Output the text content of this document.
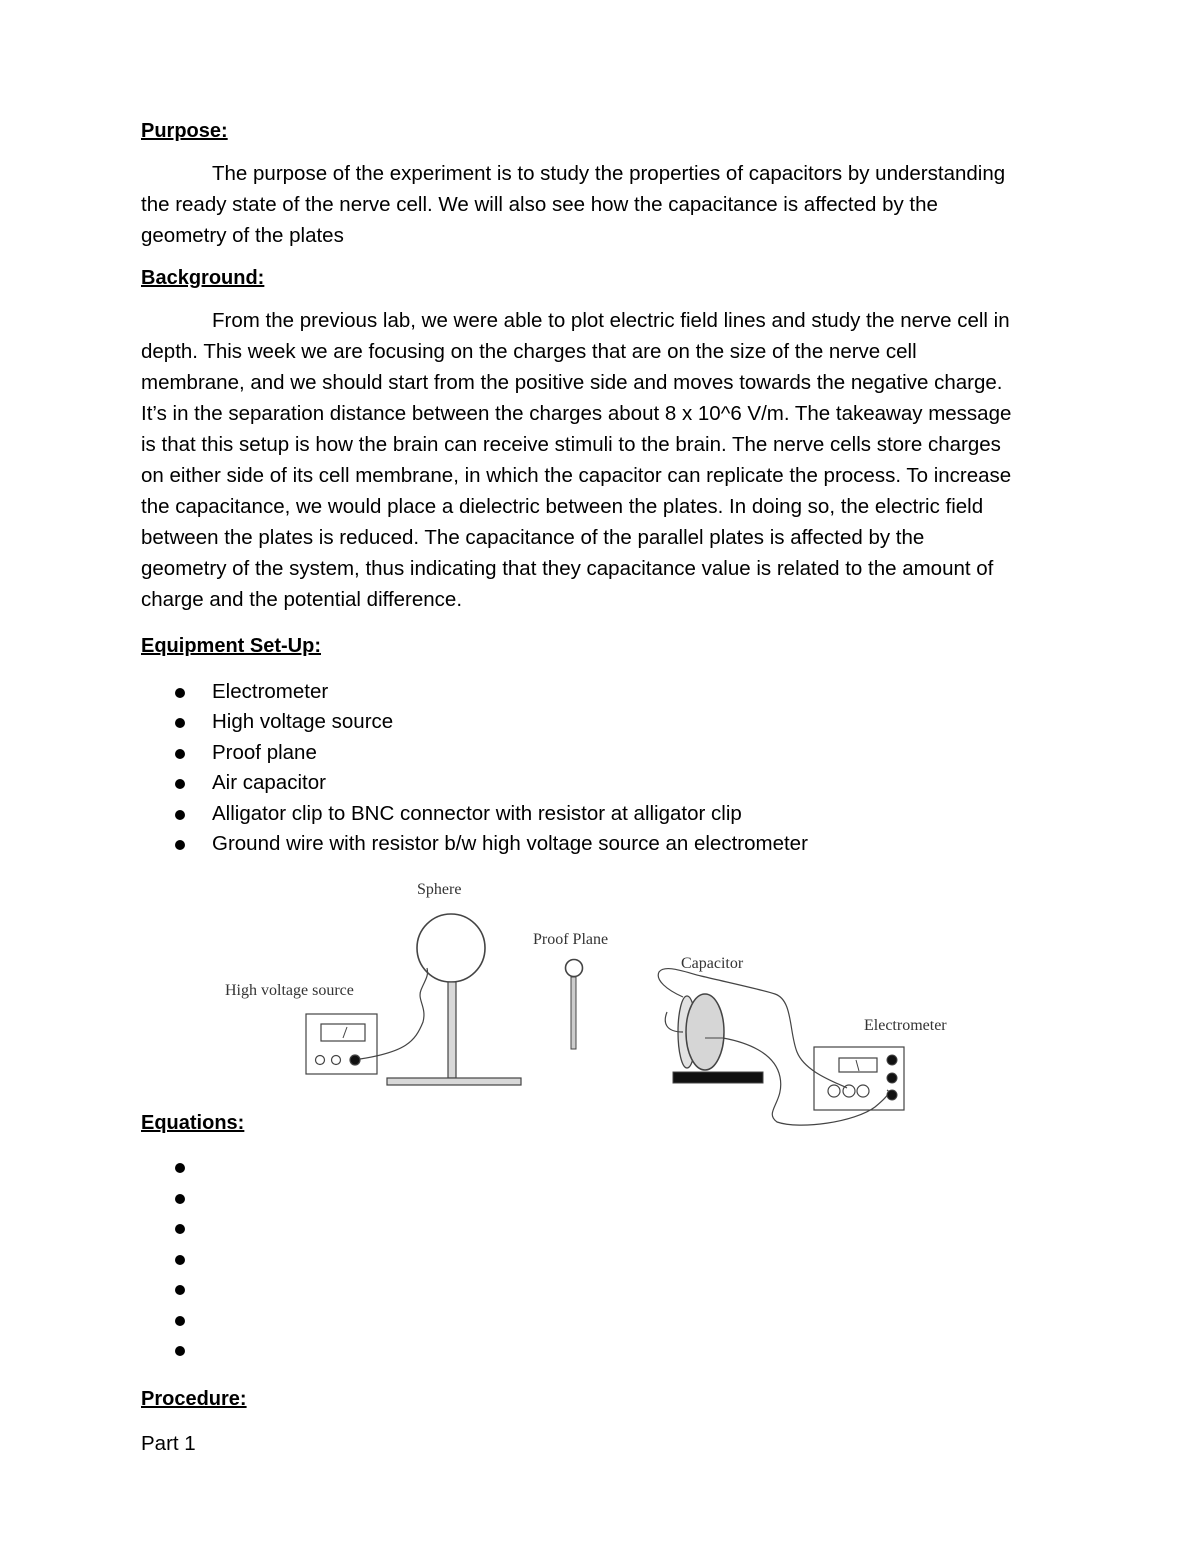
Purpose:

The purpose of the experiment is to study the properties of capacitors by understanding
the ready state of the nerve cell. We will also see how the capacitance is affected by the
geometry of the plates

Background:

From the previous lab, we were able to plot electric field lines and study the nerve cell in
depth. This week we are focusing on the charges that are on the size of the nerve cell
membrane, and we should start from the positive side and moves towards the negative charge.
It’s in the separation distance between the charges about 8 x 10^6 V/m. The takeaway message
is that this setup is how the brain can receive stimuli to the brain. The nerve cells store charges
on either side of its cell membrane, in which the capacitor can replicate the process. To increase
the capacitance, we would place a dielectric between the plates. In doing so, the electric field
between the plates is reduced. The capacitance of the parallel plates is affected by the
geometry of the system, thus indicating that they capacitance value is related to the amount of
charge and the potential difference.

Equipment Set-Up:
Electrometer
High voltage source
Proof plane
Air capacitor
Alligator clip to BNC connector with resistor at alligator clip
Ground wire with resistor b/w high voltage source an electrometer
Sphere
Proof Plane
High voltage source
Capacitor
Electrometer
Equations:
Procedure:

Part 1
